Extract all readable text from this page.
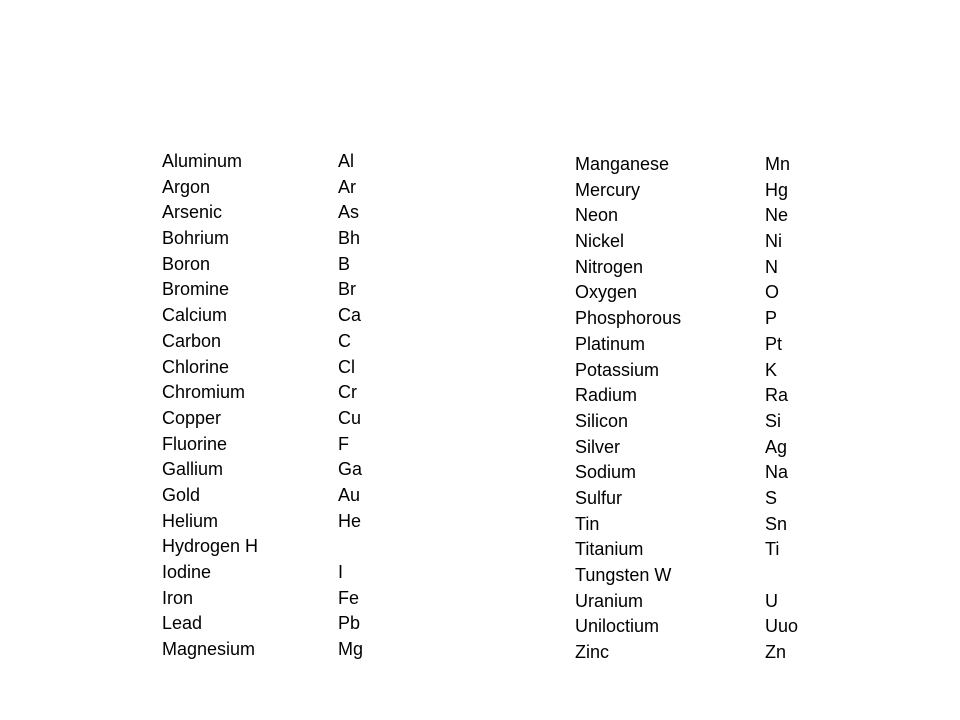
Aluminum	Al
Argon	Ar
Arsenic	As
Bohrium	Bh
Boron	B
Bromine	Br
Calcium	Ca
Carbon	C
Chlorine	Cl
Chromium	Cr
Copper	Cu
Fluorine	F
Gallium	Ga
Gold	Au
Helium	He
Hydrogen H
Iodine	I
Iron	Fe
Lead	Pb
Magnesium	Mg
Manganese	Mn
Mercury	Hg
Neon	Ne
Nickel	Ni
Nitrogen	N
Oxygen	O
Phosphorous	P
Platinum	Pt
Potassium	K
Radium	Ra
Silicon	Si
Silver	Ag
Sodium	Na
Sulfur	S
Tin	Sn
Titanium	Ti
Tungsten W
Uranium	U
Uniloctium	Uuo
Zinc	Zn
